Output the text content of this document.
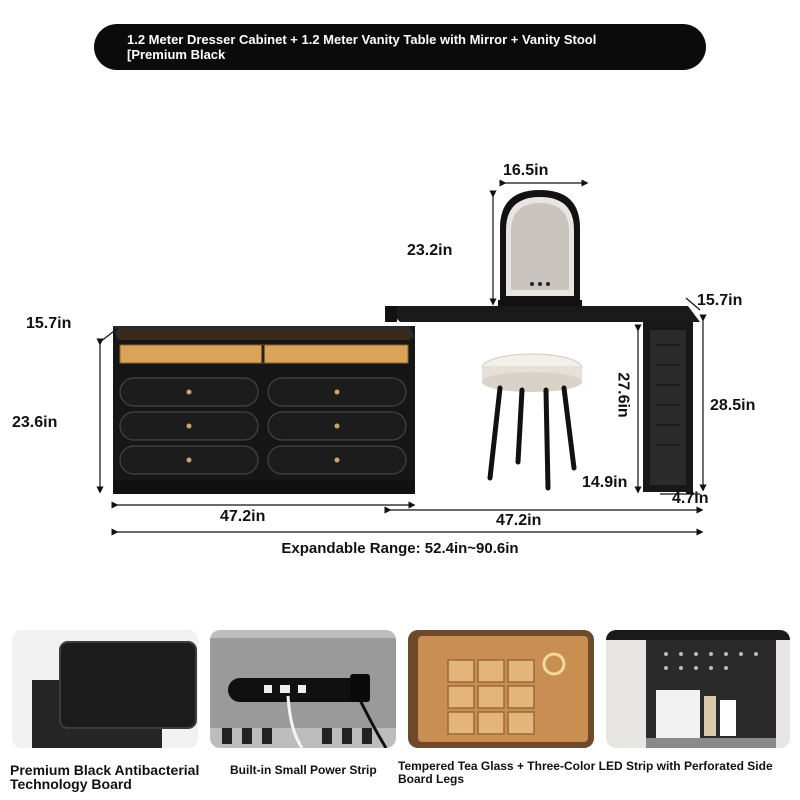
1.2 Meter Dresser Cabinet + 1.2 Meter Vanity Table with Mirror + Vanity Stool
[Premium Black
16.5in
23.2in
15.7in
15.7in
23.6in
27.6in	28.5in
14.9in
4.7in
47.2in	47.2in
Expandable Range: 52.4in~90.6in
Premium Black Antibacterial Technology Board
Built-in Small Power Strip Tempered Tea Glass + Three-Color LED Strip with Perforated Side Board Legs
